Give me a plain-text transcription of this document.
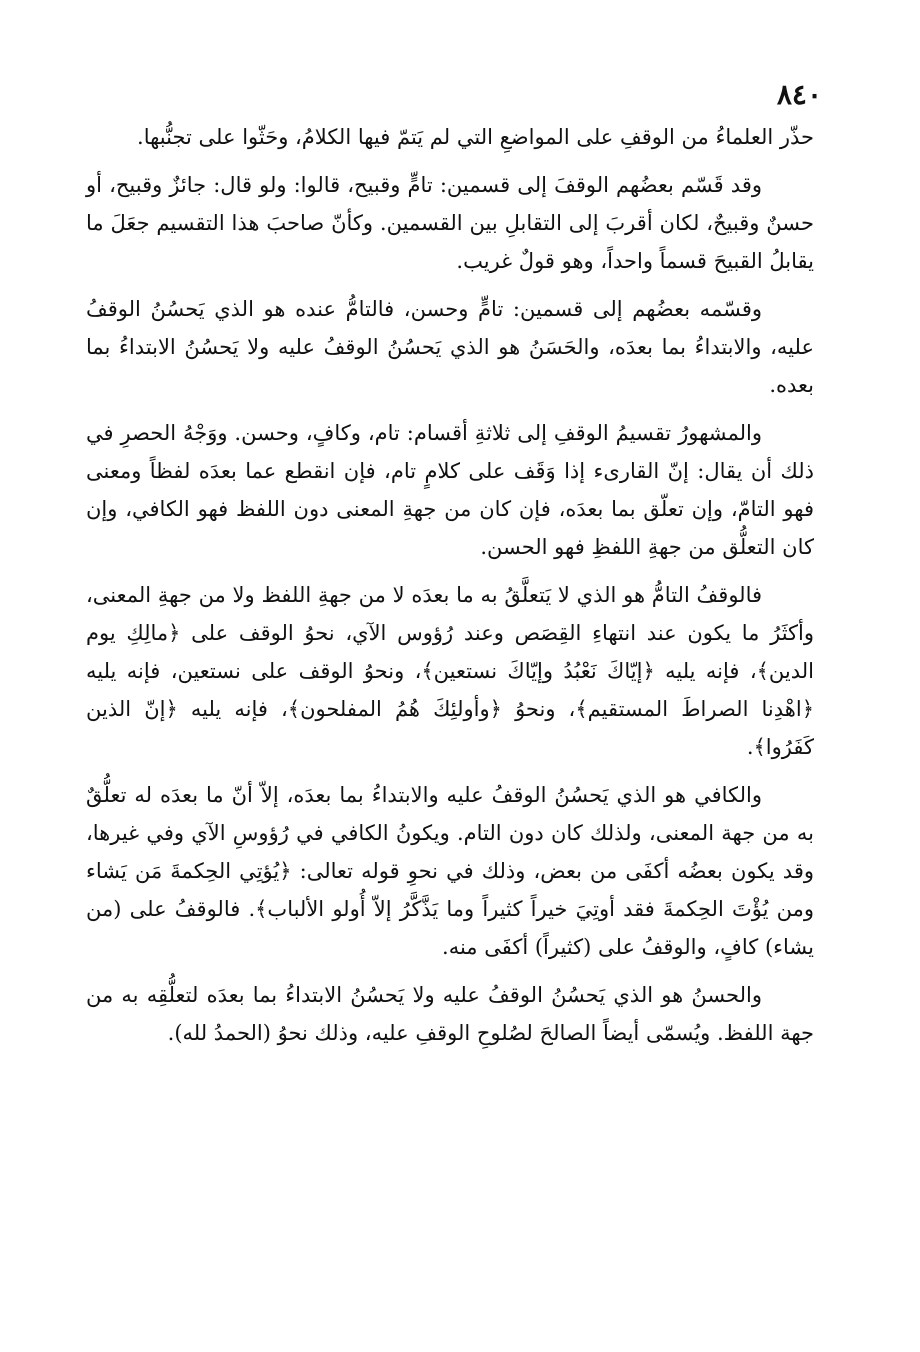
٨٤٠

حذّر العلماءُ من الوقفِ على المواضعِ التي لم يَتمّ فيها الكلامُ، وحَثّوا على تجنُّبها.

وقد قَسّم بعضُهم الوقفَ إلى قسمين: تامٍّ وقبيح، قالوا: ولو قال: جائزٌ وقبيح، أو حسنٌ وقبيحٌ، لكان أقربَ إلى التقابلِ بين القسمين. وكأنّ صاحبَ هذا التقسيم جعَلَ ما يقابلُ القبيحَ قسماً واحداً، وهو قولٌ غريب.

وقسّمه بعضُهم إلى قسمين: تامٍّ وحسن، فالتامُّ عنده هو الذي يَحسُنُ الوقفُ عليه، والابتداءُ بما بعدَه، والحَسَنُ هو الذي يَحسُنُ الوقفُ عليه ولا يَحسُنُ الابتداءُ بما بعده.

والمشهورُ تقسيمُ الوقفِ إلى ثلاثةِ أقسام: تام، وكافٍ، وحسن. ووَجْهُ الحصرِ في ذلك أن يقال: إنّ القارىء إذا وَقَف على كلامٍ تام، فإن انقطع عما بعدَه لفظاً ومعنى فهو التامّ، وإن تعلّق بما بعدَه، فإن كان من جهةِ المعنى دون اللفظ فهو الكافي، وإن كان التعلُّق من جهةِ اللفظِ فهو الحسن.

فالوقفُ التامُّ هو الذي لا يَتعلَّقُ به ما بعدَه لا من جهةِ اللفظ ولا من جهةِ المعنى، وأكثَرُ ما يكون عند انتهاءِ القِصَص وعند رُؤوس الآي، نحوُ الوقف على ﴿مالِكِ يوم الدين﴾، فإنه يليه ﴿إيّاكَ نَعْبُدُ وإيّاكَ نستعين﴾، ونحوُ الوقف على نستعين، فإنه يليه ﴿اهْدِنا الصراطَ المستقيم﴾، ونحوُ ﴿وأولئِكَ هُمُ المفلحون﴾، فإنه يليه ﴿إنّ الذين كَفَرُوا﴾.

والكافي هو الذي يَحسُنُ الوقفُ عليه والابتداءُ بما بعدَه، إلاّ أنّ ما بعدَه له تعلُّقٌ به من جهة المعنى، ولذلك كان دون التام. ويكونُ الكافي في رُؤوسِ الآي وفي غيرها، وقد يكون بعضُه أكفَى من بعض، وذلك في نحوِ قوله تعالى: ﴿يُؤتِي الحِكمةَ مَن يَشاء ومن يُؤْتَ الحِكمةَ فقد أوتِيَ خيراً كثيراً وما يَذَّكَّرُ إلاّ أُولو الألباب﴾. فالوقفُ على (من يشاء) كافٍ، والوقفُ على (كثيراً) أكفَى منه.

والحسنُ هو الذي يَحسُنُ الوقفُ عليه ولا يَحسُنُ الابتداءُ بما بعدَه لتعلُّقِه به من جهة اللفظ. ويُسمّى أيضاً الصالحَ لصُلوحِ الوقفِ عليه، وذلك نحوُ (الحمدُ لله).
